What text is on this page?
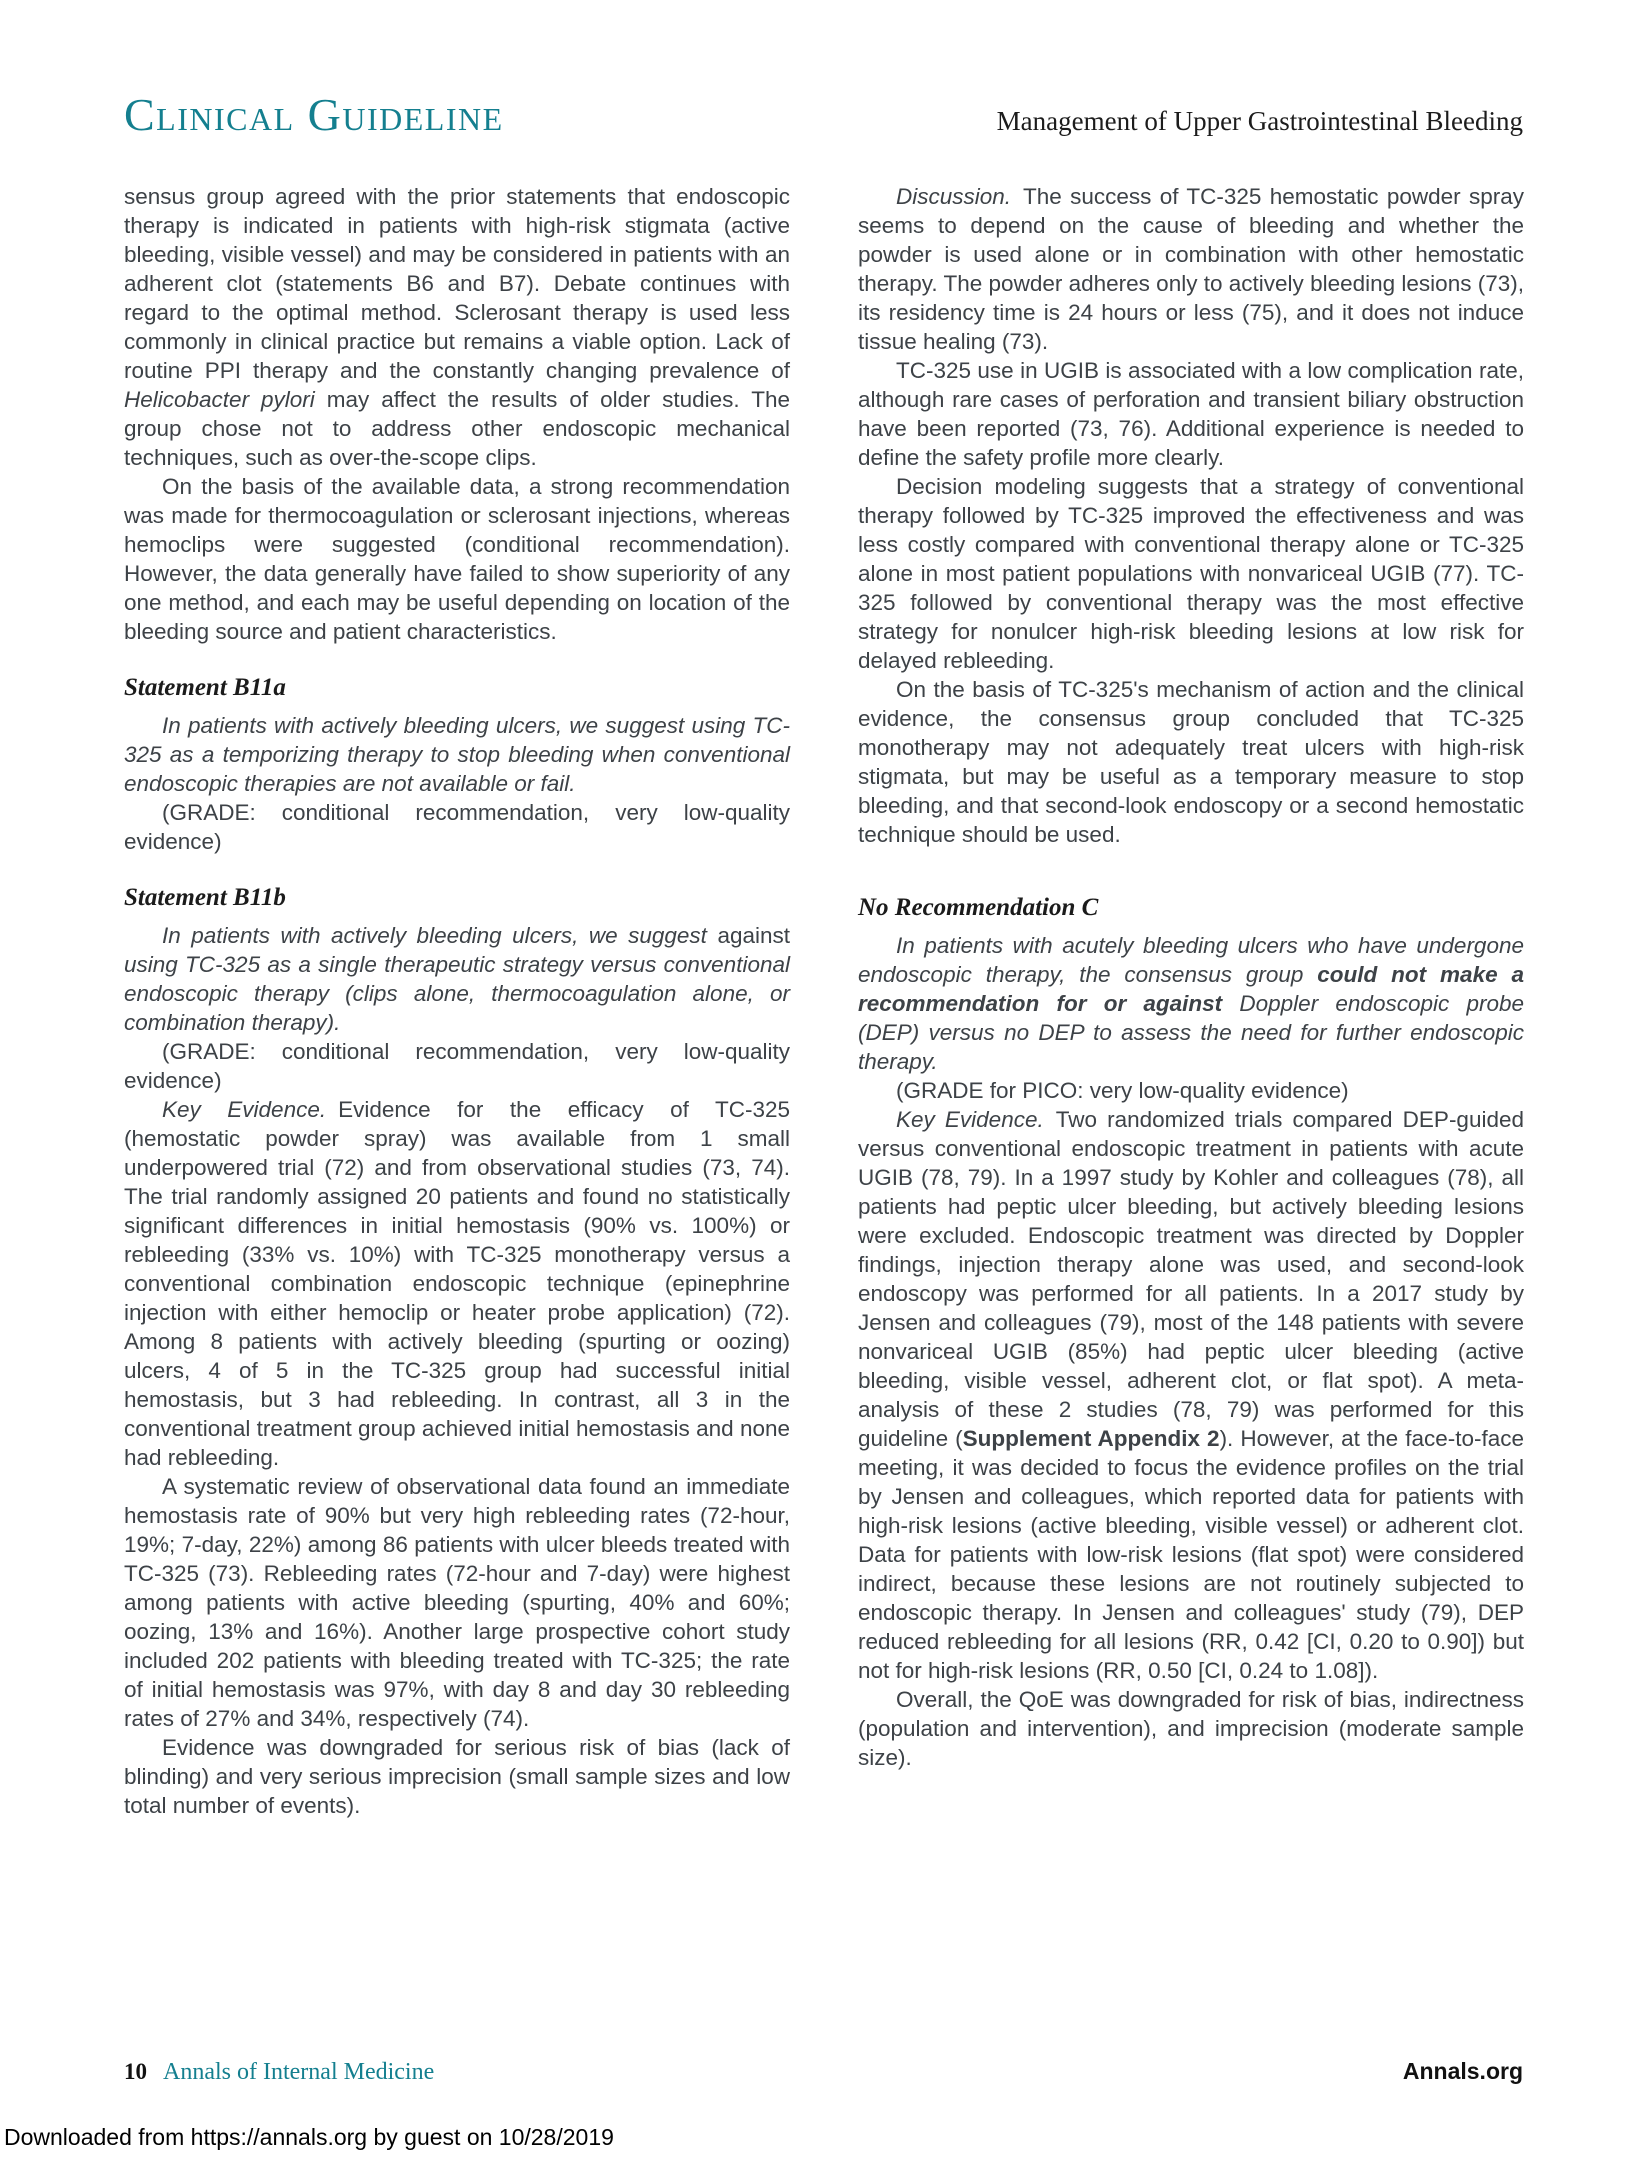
Clinical Guideline	Management of Upper Gastrointestinal Bleeding

sensus group agreed with the prior statements that endoscopic therapy is indicated in patients with high-risk stigmata (active bleeding, visible vessel) and may be considered in patients with an adherent clot (statements B6 and B7). Debate continues with regard to the optimal method. Sclerosant therapy is used less commonly in clinical practice but remains a viable option. Lack of routine PPI therapy and the constantly changing prevalence of Helicobacter pylori may affect the results of older studies. The group chose not to address other endoscopic mechanical techniques, such as over-the-scope clips.

On the basis of the available data, a strong recommendation was made for thermocoagulation or sclerosant injections, whereas hemoclips were suggested (conditional recommendation). However, the data generally have failed to show superiority of any one method, and each may be useful depending on location of the bleeding source and patient characteristics.

Statement B11a

In patients with actively bleeding ulcers, we suggest using TC-325 as a temporizing therapy to stop bleeding when conventional endoscopic therapies are not available or fail.

(GRADE: conditional recommendation, very low-quality evidence)

Statement B11b

In patients with actively bleeding ulcers, we suggest against using TC-325 as a single therapeutic strategy versus conventional endoscopic therapy (clips alone, thermocoagulation alone, or combination therapy).

(GRADE: conditional recommendation, very low-quality evidence)

Key Evidence. Evidence for the efficacy of TC-325 (hemostatic powder spray) was available from 1 small underpowered trial (72) and from observational studies (73, 74). The trial randomly assigned 20 patients and found no statistically significant differences in initial hemostasis (90% vs. 100%) or rebleeding (33% vs. 10%) with TC-325 monotherapy versus a conventional combination endoscopic technique (epinephrine injection with either hemoclip or heater probe application) (72). Among 8 patients with actively bleeding (spurting or oozing) ulcers, 4 of 5 in the TC-325 group had successful initial hemostasis, but 3 had rebleeding. In contrast, all 3 in the conventional treatment group achieved initial hemostasis and none had rebleeding.

A systematic review of observational data found an immediate hemostasis rate of 90% but very high rebleeding rates (72-hour, 19%; 7-day, 22%) among 86 patients with ulcer bleeds treated with TC-325 (73). Rebleeding rates (72-hour and 7-day) were highest among patients with active bleeding (spurting, 40% and 60%; oozing, 13% and 16%). Another large prospective cohort study included 202 patients with bleeding treated with TC-325; the rate of initial hemostasis was 97%, with day 8 and day 30 rebleeding rates of 27% and 34%, respectively (74).

Evidence was downgraded for serious risk of bias (lack of blinding) and very serious imprecision (small sample sizes and low total number of events).

Discussion. The success of TC-325 hemostatic powder spray seems to depend on the cause of bleeding and whether the powder is used alone or in combination with other hemostatic therapy. The powder adheres only to actively bleeding lesions (73), its residency time is 24 hours or less (75), and it does not induce tissue healing (73).

TC-325 use in UGIB is associated with a low complication rate, although rare cases of perforation and transient biliary obstruction have been reported (73, 76). Additional experience is needed to define the safety profile more clearly.

Decision modeling suggests that a strategy of conventional therapy followed by TC-325 improved the effectiveness and was less costly compared with conventional therapy alone or TC-325 alone in most patient populations with nonvariceal UGIB (77). TC-325 followed by conventional therapy was the most effective strategy for nonulcer high-risk bleeding lesions at low risk for delayed rebleeding.

On the basis of TC-325's mechanism of action and the clinical evidence, the consensus group concluded that TC-325 monotherapy may not adequately treat ulcers with high-risk stigmata, but may be useful as a temporary measure to stop bleeding, and that second-look endoscopy or a second hemostatic technique should be used.

No Recommendation C

In patients with acutely bleeding ulcers who have undergone endoscopic therapy, the consensus group could not make a recommendation for or against Doppler endoscopic probe (DEP) versus no DEP to assess the need for further endoscopic therapy.

(GRADE for PICO: very low-quality evidence)

Key Evidence. Two randomized trials compared DEP-guided versus conventional endoscopic treatment in patients with acute UGIB (78, 79). In a 1997 study by Kohler and colleagues (78), all patients had peptic ulcer bleeding, but actively bleeding lesions were excluded. Endoscopic treatment was directed by Doppler findings, injection therapy alone was used, and second-look endoscopy was performed for all patients. In a 2017 study by Jensen and colleagues (79), most of the 148 patients with severe nonvariceal UGIB (85%) had peptic ulcer bleeding (active bleeding, visible vessel, adherent clot, or flat spot). A meta-analysis of these 2 studies (78, 79) was performed for this guideline (Supplement Appendix 2). However, at the face-to-face meeting, it was decided to focus the evidence profiles on the trial by Jensen and colleagues, which reported data for patients with high-risk lesions (active bleeding, visible vessel) or adherent clot. Data for patients with low-risk lesions (flat spot) were considered indirect, because these lesions are not routinely subjected to endoscopic therapy. In Jensen and colleagues' study (79), DEP reduced rebleeding for all lesions (RR, 0.42 [CI, 0.20 to 0.90]) but not for high-risk lesions (RR, 0.50 [CI, 0.24 to 1.08]).

Overall, the QoE was downgraded for risk of bias, indirectness (population and intervention), and imprecision (moderate sample size).

10 Annals of Internal Medicine	Annals.org
Downloaded from https://annals.org by guest on 10/28/2019
